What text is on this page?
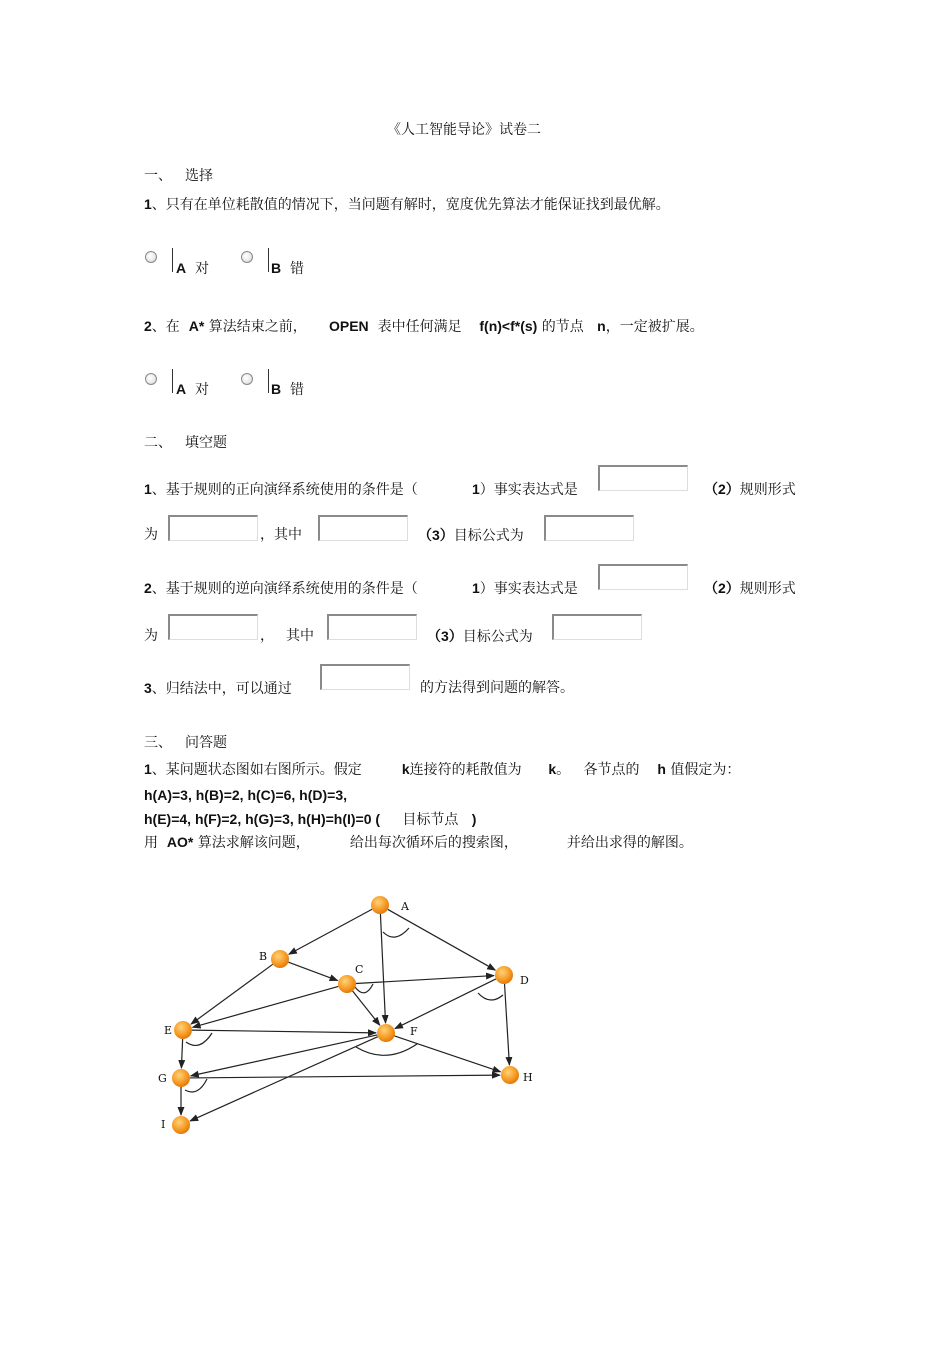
《人工智能导论》试卷二
一、 选择
1、只有在单位耗散值的情况下，当问题有解时，宽度优先算法才能保证找到最优解。
A 对	B 错
2、在 A* 算法结束之前， OPEN 表中任何满足 f(n)<f*(s) 的节点 n，一定被扩展。
A 对	B 错
二、 填空题
1、基于规则的正向演绎系统使用的条件是（	1）事实表达式是	（2）规则形式
为	，其中	（3）目标公式为
2、基于规则的逆向演绎系统使用的条件是（	1）事实表达式是	（2）规则形式
为	， 其中	（3）目标公式为
3、归结法中，可以通过	的方法得到问题的解答。
三、 问答题
1、某问题状态图如右图所示。假定	k连接符的耗散值为 k。 各节点的 h 值假定为：
h(A)=3, h(B)=2, h(C)=6, h(D)=3,
h(E)=4, h(F)=2, h(G)=3, h(H)=h(I)=0 ( 目标节点 )
用 AO* 算法求解该问题，	给出每次循环后的搜索图，	并给出求得的解图。
A
B
C
D
E	F
G	H
I
